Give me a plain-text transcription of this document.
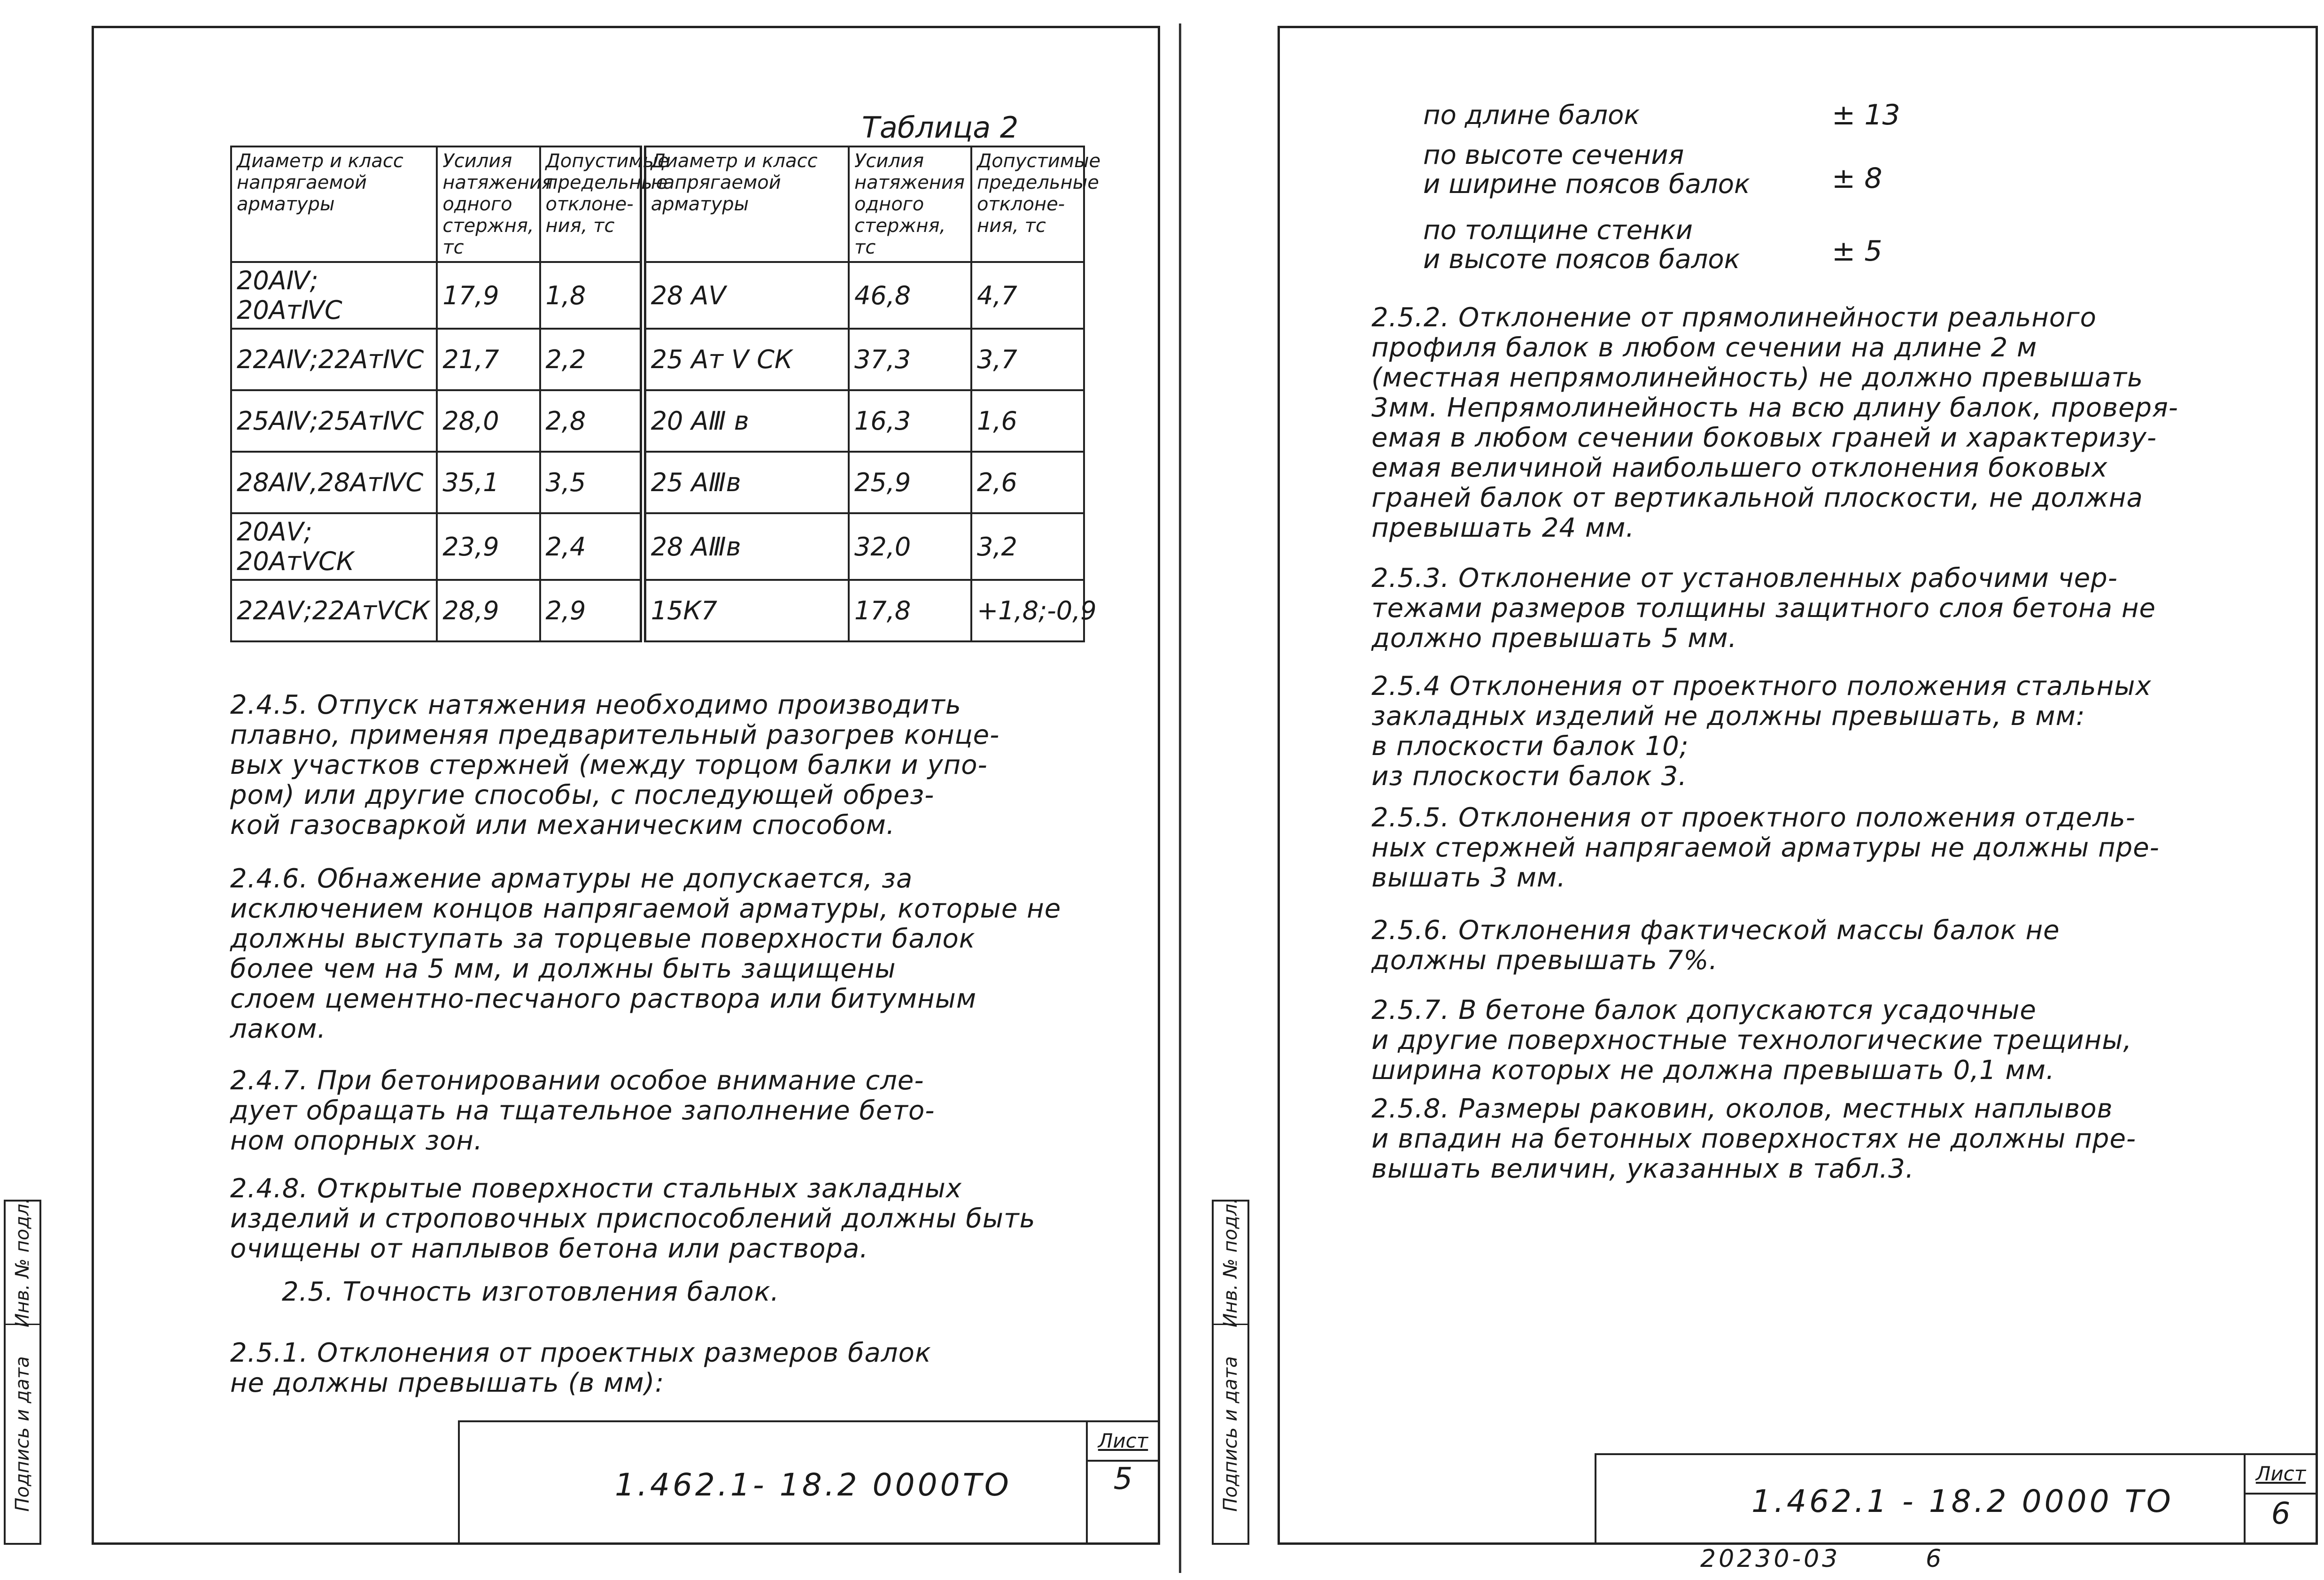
Инв. № подл.
Подпись и дата
Таблица 2
Диаметр и класс напрягаемой арматуры	Усилия натяжения одного стержня, тс	Допустимые предельные отклоне-ния, тс	Диаметр и класс напрягаемой арматуры	Усилия натяжения одного стержня, тс	Допустимые предельные отклоне-ния, тс
20АⅣ; 20АтⅣС	17,9	1,8	28 АⅤ	46,8	4,7
22АⅣ;22АтⅣС	21,7	2,2	25 Ат Ⅴ СК	37,3	3,7
25АⅣ;25АтⅣС	28,0	2,8	20 АⅢ в	16,3	1,6
28АⅣ,28АтⅣС	35,1	3,5	25 АⅢв	25,9	2,6
20АⅤ; 20АтⅤСК	23,9	2,4	28 АⅢв	32,0	3,2
22АⅤ;22АтⅤСК	28,9	2,9	15К7	17,8	+1,8;-0,9
2.4.5. Отпуск натяжения необходимо производить
плавно, применяя предварительный разогрев конце-
вых участков стержней (между торцом балки и упо-
ром) или другие способы, с последующей обрез-
кой газосваркой или механическим способом.
2.4.6. Обнажение арматуры не допускается, за
исключением концов напрягаемой арматуры, которые не
должны выступать за торцевые поверхности балок
более чем на 5 мм, и должны быть защищены
слоем цементно-песчаного раствора или битумным
лаком.
2.4.7. При бетонировании особое внимание сле-
дует обращать на тщательное заполнение бето-
ном опорных зон.
2.4.8. Открытые поверхности стальных закладных
изделий и строповочных приспособлений должны быть
очищены от наплывов бетона или раствора.
2.5. Точность изготовления балок.
2.5.1. Отклонения от проектных размеров балок
не должны превышать (в мм):
1.462.1- 18.2 0000ТО
Лист
5
Инв. № подл.
Подпись и дата
по длине балок	± 13
по высоте сечения
и ширине поясов балок	± 8
по толщине стенки
и высоте поясов балок	± 5
2.5.2. Отклонение от прямолинейности реального
профиля балок в любом сечении на длине 2 м
(местная непрямолинейность) не должно превышать
3мм. Непрямолинейность на всю длину балок, проверя-
емая в любом сечении боковых граней и характеризу-
емая величиной наибольшего отклонения боковых
граней балок от вертикальной плоскости, не должна
превышать 24 мм.
2.5.3. Отклонение от установленных рабочими чер-
тежами размеров толщины защитного слоя бетона не
должно превышать 5 мм.
2.5.4 Отклонения от проектного положения стальных
закладных изделий не должны превышать, в мм:
в плоскости балок 10;
из плоскости балок 3.
2.5.5. Отклонения от проектного положения отдель-
ных стержней напрягаемой арматуры не должны пре-
вышать 3 мм.
2.5.6. Отклонения фактической массы балок не
должны превышать 7%.
2.5.7. В бетоне балок допускаются усадочные
и другие поверхностные технологические трещины,
ширина которых не должна превышать 0,1 мм.
2.5.8. Размеры раковин, околов, местных наплывов
и впадин на бетонных поверхностях не должны пре-
вышать величин, указанных в табл.3.
1.462.1 - 18.2 0000 ТО
Лист
6
20230-03	6
